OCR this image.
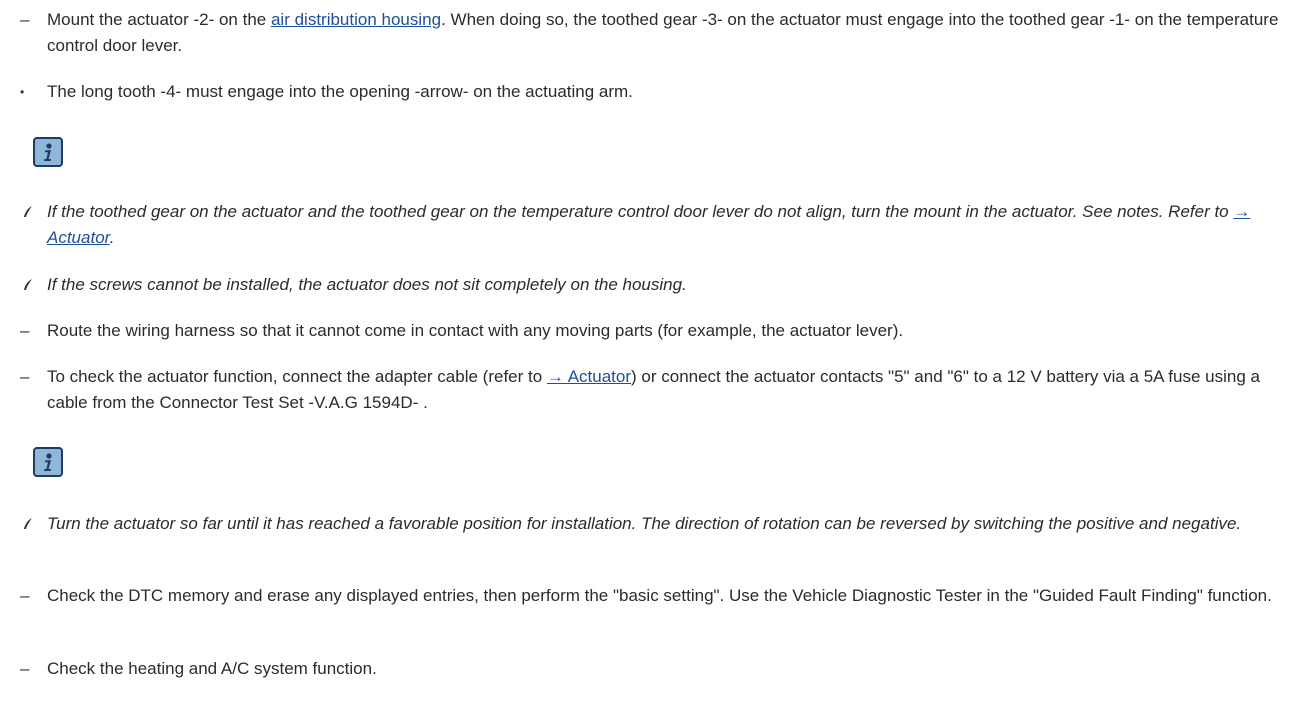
–	Mount the actuator -2- on the air distribution housing. When doing so, the toothed gear -3- on the actuator must engage into the toothed gear -1- on the temperature control door lever.
•	The long tooth -4- must engage into the opening -arrow- on the actuating arm.
If the toothed gear on the actuator and the toothed gear on the temperature control door lever do not align, turn the mount in the actuator. See notes. Refer to → Actuator.
If the screws cannot be installed, the actuator does not sit completely on the housing.
–	Route the wiring harness so that it cannot come in contact with any moving parts (for example, the actuator lever).
–	To check the actuator function, connect the adapter cable (refer to → Actuator) or connect the actuator contacts "5" and "6" to a 12 V battery via a 5A fuse using a cable from the Connector Test Set -V.A.G 1594D- .
Turn the actuator so far until it has reached a favorable position for installation. The direction of rotation can be reversed by switching the positive and negative.
–	Check the DTC memory and erase any displayed entries, then perform the "basic setting". Use the Vehicle Diagnostic Tester in the "Guided Fault Finding" function.
–	Check the heating and A/C system function.
